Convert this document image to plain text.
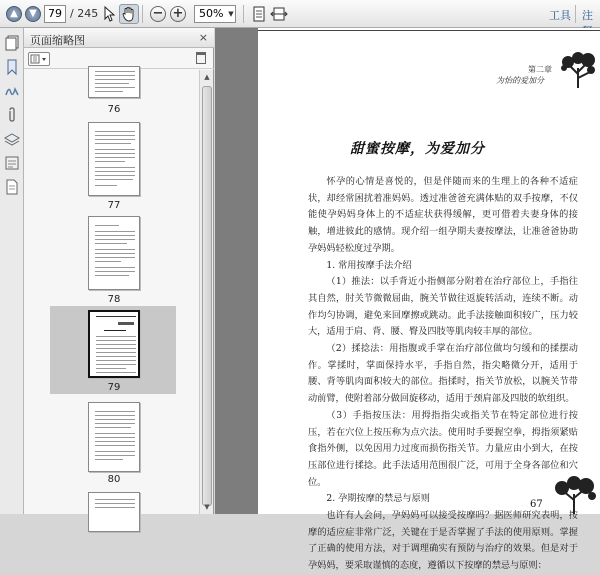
▲	▼	79 / 245	− +	50% ▼	工具 注
页面缩略图	×
76
77
78
79
80
▲
▼
第二章
为怡的爱加分
甜蜜按摩，为爱加分

怀孕的心情是喜悦的，但是伴随而来的生理上的各种不适症状，却经常困扰着准妈妈。透过准爸爸充满体贴的双手按摩，不仅能使孕妈妈身体上的不适症状获得缓解，更可借着夫妻身体的接触，增进彼此的感情。现介绍一组孕期夫妻按摩法，让准爸爸协助孕妈妈轻松度过孕期。

1. 常用按摩手法介绍

（1）推法：以手背近小指侧部分附着在治疗部位上，手指往其自然，肘关节微微屈曲，腕关节做往返旋转活动，连续不断。动作均匀协调，避免来回摩擦或跳动。此手法接触面积较广，压力较大，适用于肩、背、腰、臀及四肢等肌肉较丰厚的部位。

（2）揉捻法：用指腹或手掌在治疗部位做均匀缓和的揉摆动作。掌揉时，掌面保持水平，手指自然，指尖略微分开，适用于腰、背等肌肉面积较大的部位。指揉时，指关节放松，以腕关节带动前臂，使附着部分做回旋移动，适用于颈肩部及四肢的软组织。

（3）手指按压法：用拇指指尖或指关节在特定部位进行按压，若在穴位上按压称为点穴法。使用时手要握空拳，拇指须紧贴食指外侧，以免因用力过度而损伤指关节。力量应由小到大，在按压部位进行揉捻。此手法适用范围很广泛，可用于全身各部位和穴位。

2. 孕期按摩的禁忌与原则

也许有人会问，孕妈妈可以接受按摩吗？据医师研究表明，按摩的适应症非常广泛，关键在于是否掌握了手法的使用原则。掌握了正确的使用方法，对于调理确实有预防与治疗的效果。但是对于孕妈妈，要采取谨慎的态度，遵循以下按摩的禁忌与原则：

67
